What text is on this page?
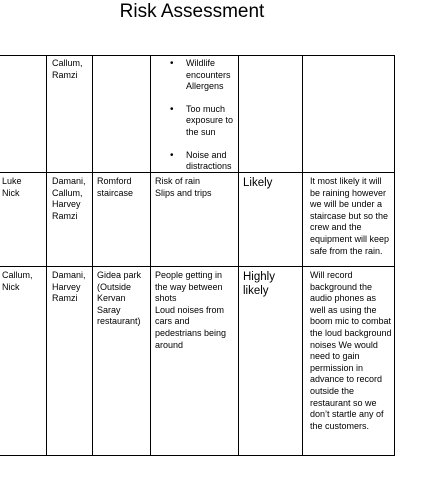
Risk Assessment
Callum,
Ramzi
• Wildlife encounters
Allergens
• Too much exposure to the sun
• Noise and distractions
Luke
Nick
Damani,
Callum,
Harvey
Ramzi
Romford
staircase
Risk of rain
Slips and trips
Likely	It most likely it will be raining however we will be under a staircase but so the crew and the equipment will keep safe from the rain.
Callum,
Nick
Damani,
Harvey
Ramzi
Gidea park
(Outside
Kervan
Saray
restaurant)
People getting in the way between shots
Loud noises from cars and pedestrians being around
Highly
likely
Will record background the audio phones as well as using the boom mic to combat the loud background noises We would need to gain permission in advance to record outside the restaurant so we don’t startle any of the customers.
